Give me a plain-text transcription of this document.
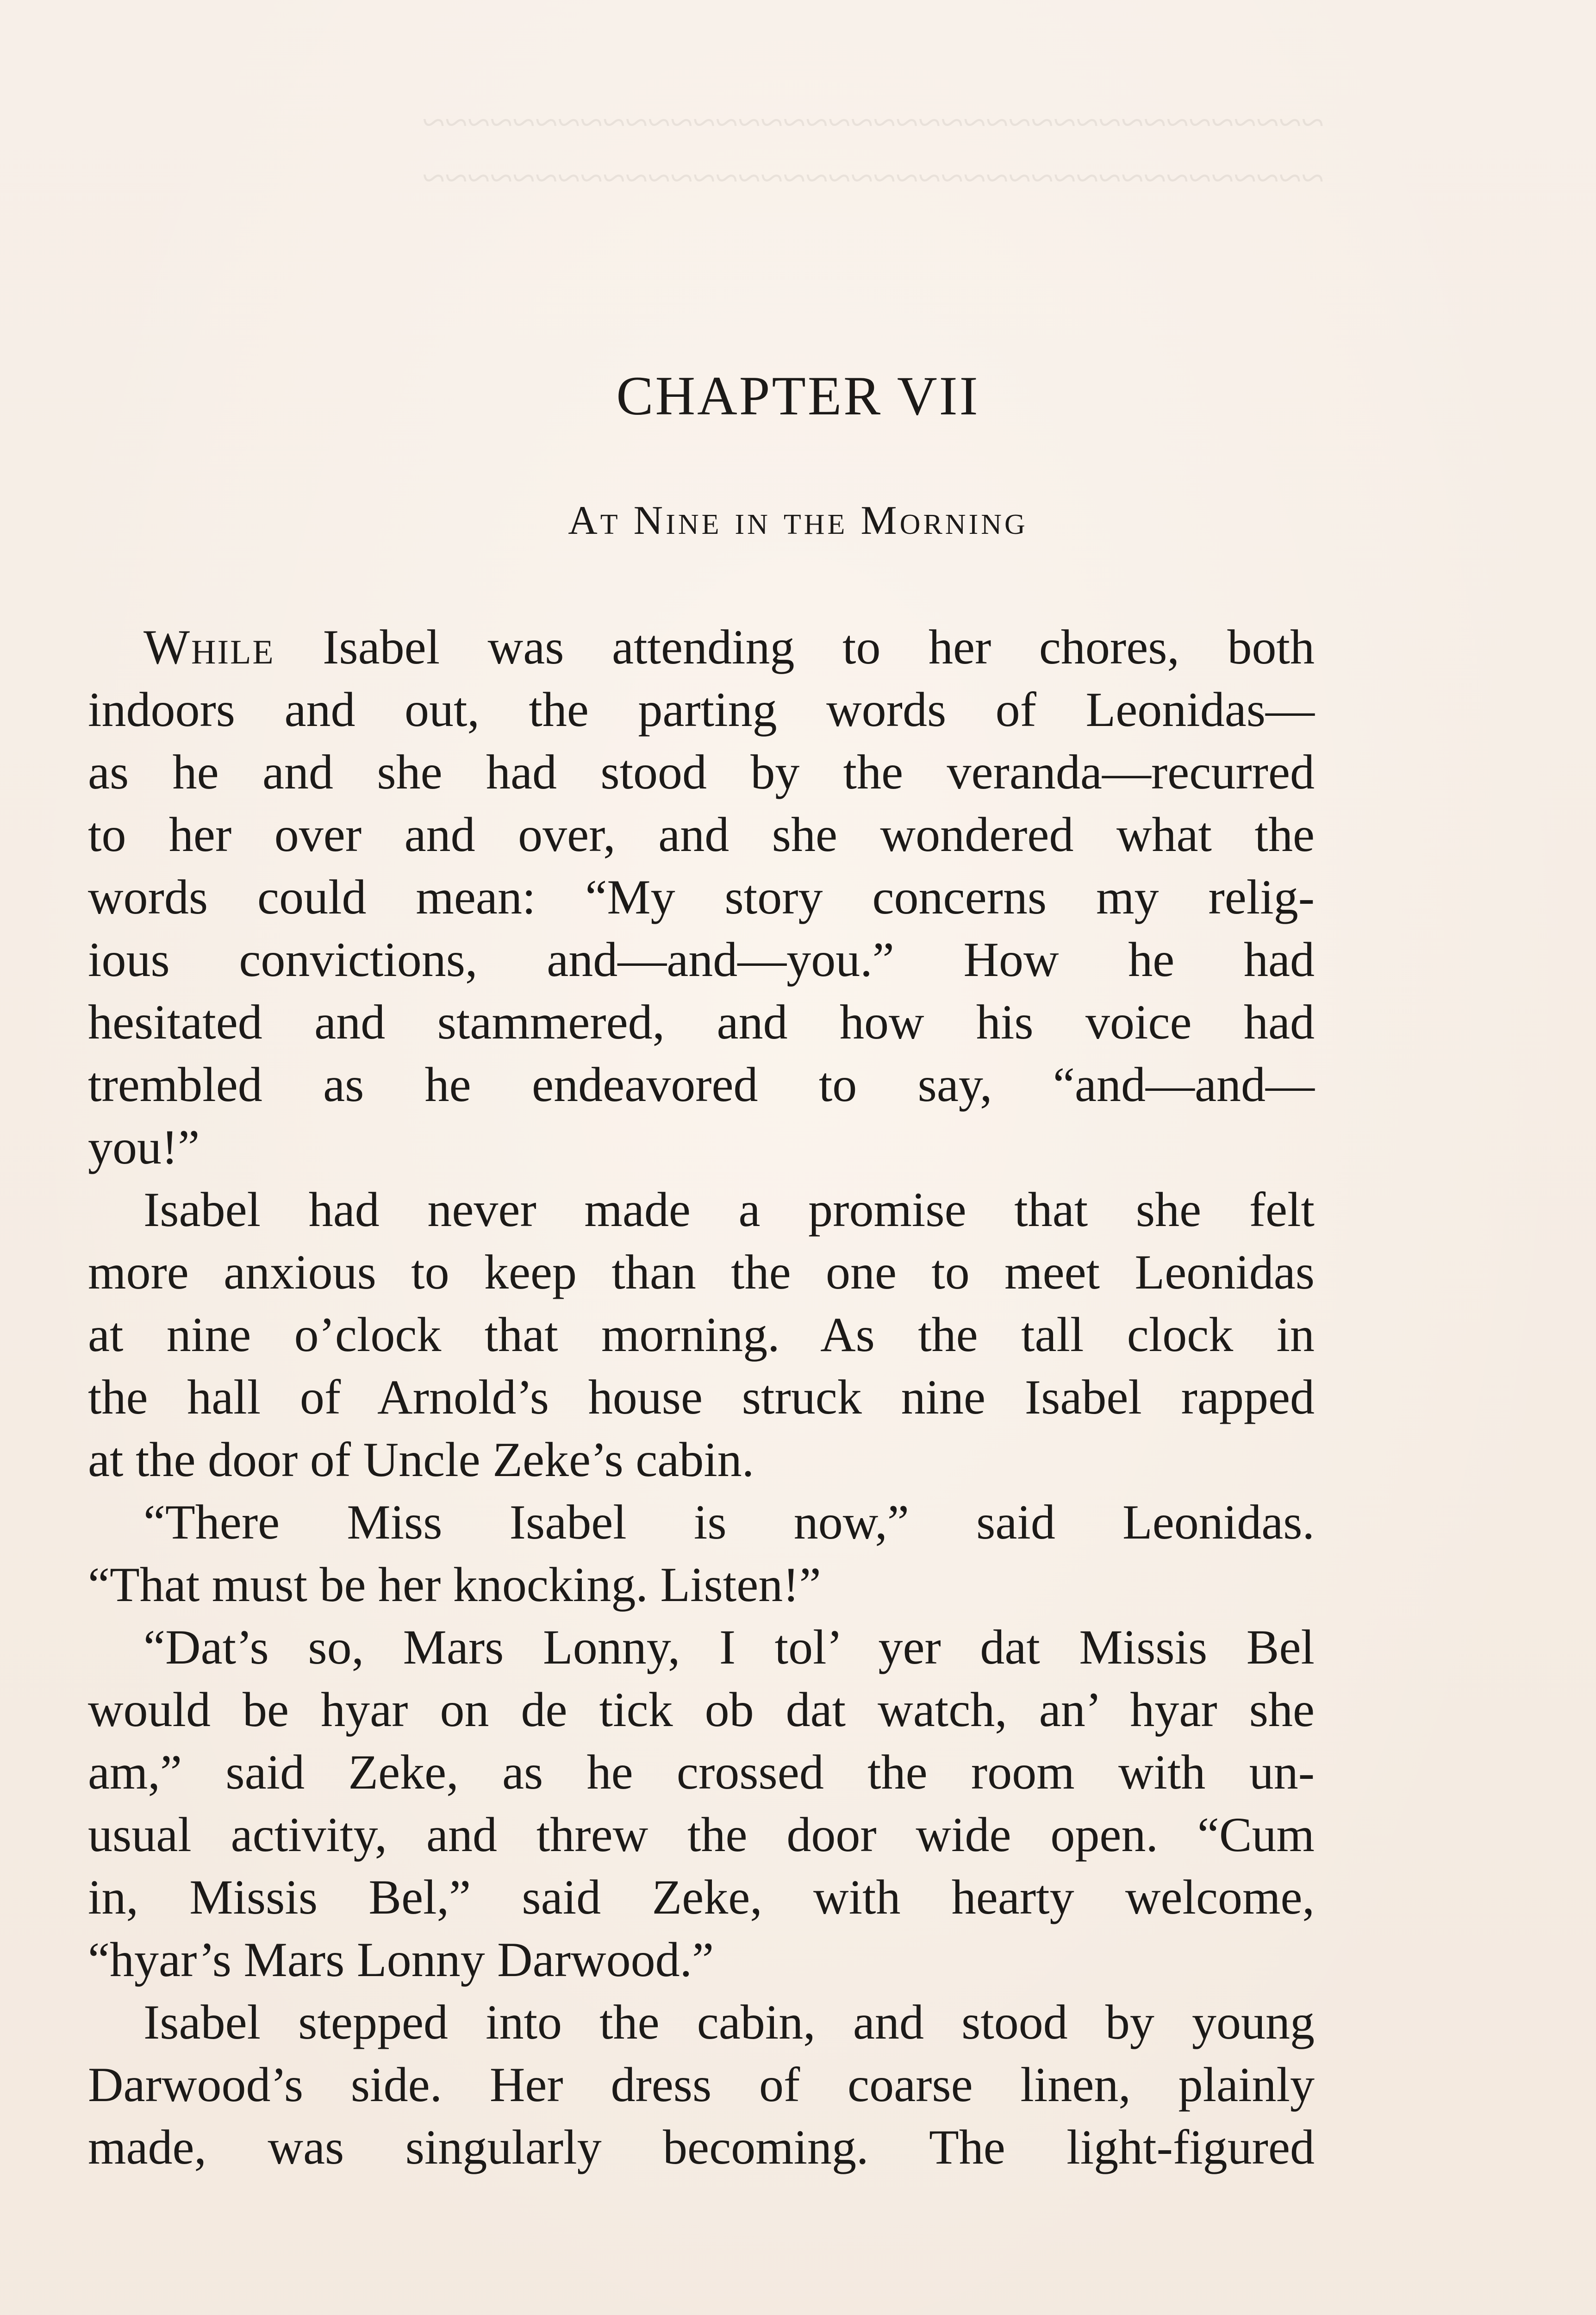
~~~~~~~~~~~~~~~~~~~~~~~~~~~~~~~~~~~~~~~~
~~~~~~~~~~~~~~~~~~~~~~~~~~~~~~~~~~~~~~~~
CHAPTER VII
At Nine in the Morning
While Isabel was attending to her chores, both
indoors and out, the parting words of Leonidas—
as he and she had stood by the veranda—recurred
to her over and over, and she wondered what the
words could mean: “My story concerns my relig-
ious convictions, and—and—you.” How he had
hesitated and stammered, and how his voice had
trembled as he endeavored to say, “and—and—
you!”
Isabel had never made a promise that she felt
more anxious to keep than the one to meet Leonidas
at nine o’clock that morning. As the tall clock in
the hall of Arnold’s house struck nine Isabel rapped
at the door of Uncle Zeke’s cabin.
“There Miss Isabel is now,” said Leonidas.
“That must be her knocking. Listen!”
“Dat’s so, Mars Lonny, I tol’ yer dat Missis Bel
would be hyar on de tick ob dat watch, an’ hyar she
am,” said Zeke, as he crossed the room with un-
usual activity, and threw the door wide open. “Cum
in, Missis Bel,” said Zeke, with hearty welcome,
“hyar’s Mars Lonny Darwood.”
Isabel stepped into the cabin, and stood by young
Darwood’s side. Her dress of coarse linen, plainly
made, was singularly becoming. The light-figured
